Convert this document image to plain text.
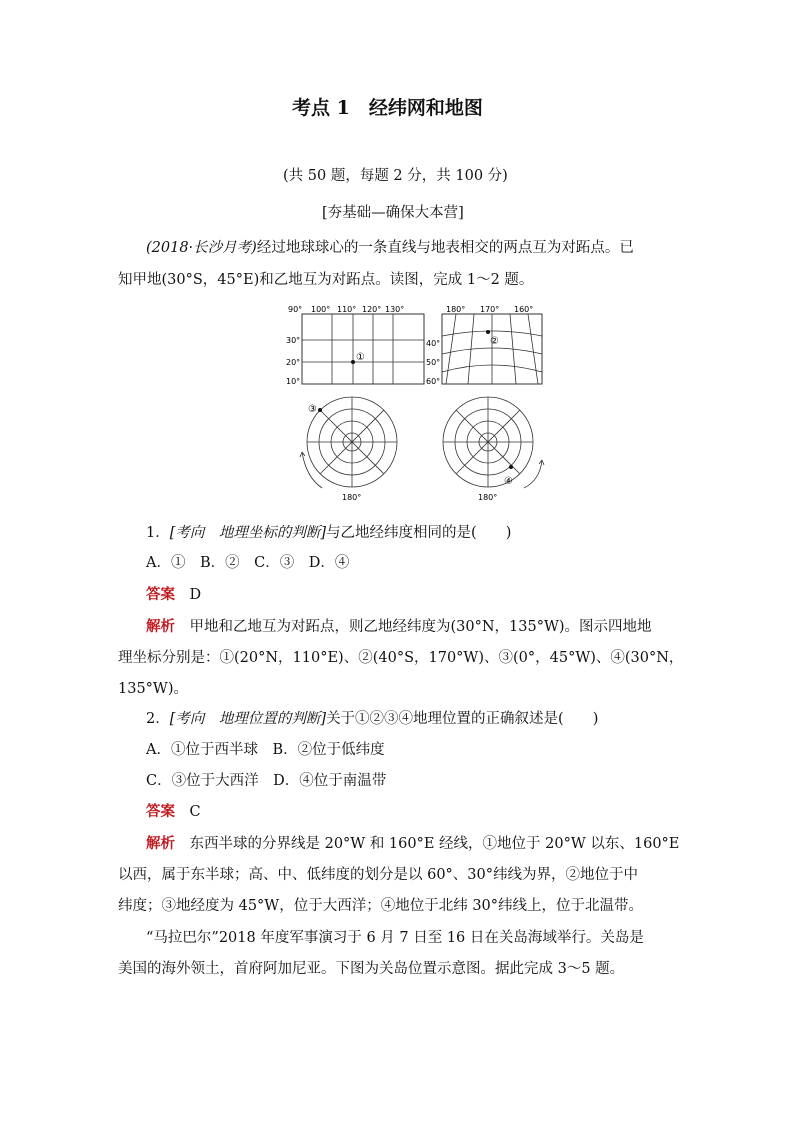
考点 1　经纬网和地图
(共 50 题，每题 2 分，共 100 分)
[夯基础—确保大本营]
(2018·长沙月考)经过地球球心的一条直线与地表相交的两点互为对跖点。已
知甲地(30°S，45°E)和乙地互为对跖点。读图，完成 1～2 题。
90° 100° 110° 120° 130°
30°
20°
10°
①
180° 170° 160°
40°
50°
60°
②
③
180°
④
180°
1．[考向　地理坐标的判断]与乙地经纬度相同的是(　　)
A．①　B．②　C．③　D．④
答案　 D
解析　 甲地和乙地互为对跖点，则乙地经纬度为(30°N，135°W)。图示四地地
理坐标分别是：①(20°N，110°E)、②(40°S，170°W)、③(0°，45°W)、④(30°N，
135°W)。
2．[考向　地理位置的判断]关于①②③④地理位置的正确叙述是(　　)
A．①位于西半球　B．②位于低纬度
C．③位于大西洋　D．④位于南温带
答案　 C
解析　 东西半球的分界线是 20°W 和 160°E 经线，①地位于 20°W 以东、160°E
以西，属于东半球；高、中、低纬度的划分是以 60°、30°纬线为界，②地位于中
纬度；③地经度为 45°W，位于大西洋；④地位于北纬 30°纬线上，位于北温带。
“马拉巴尔”2018 年度军事演习于 6 月 7 日至 16 日在关岛海域举行。关岛是
美国的海外领土，首府阿加尼亚。下图为关岛位置示意图。据此完成 3～5 题。
